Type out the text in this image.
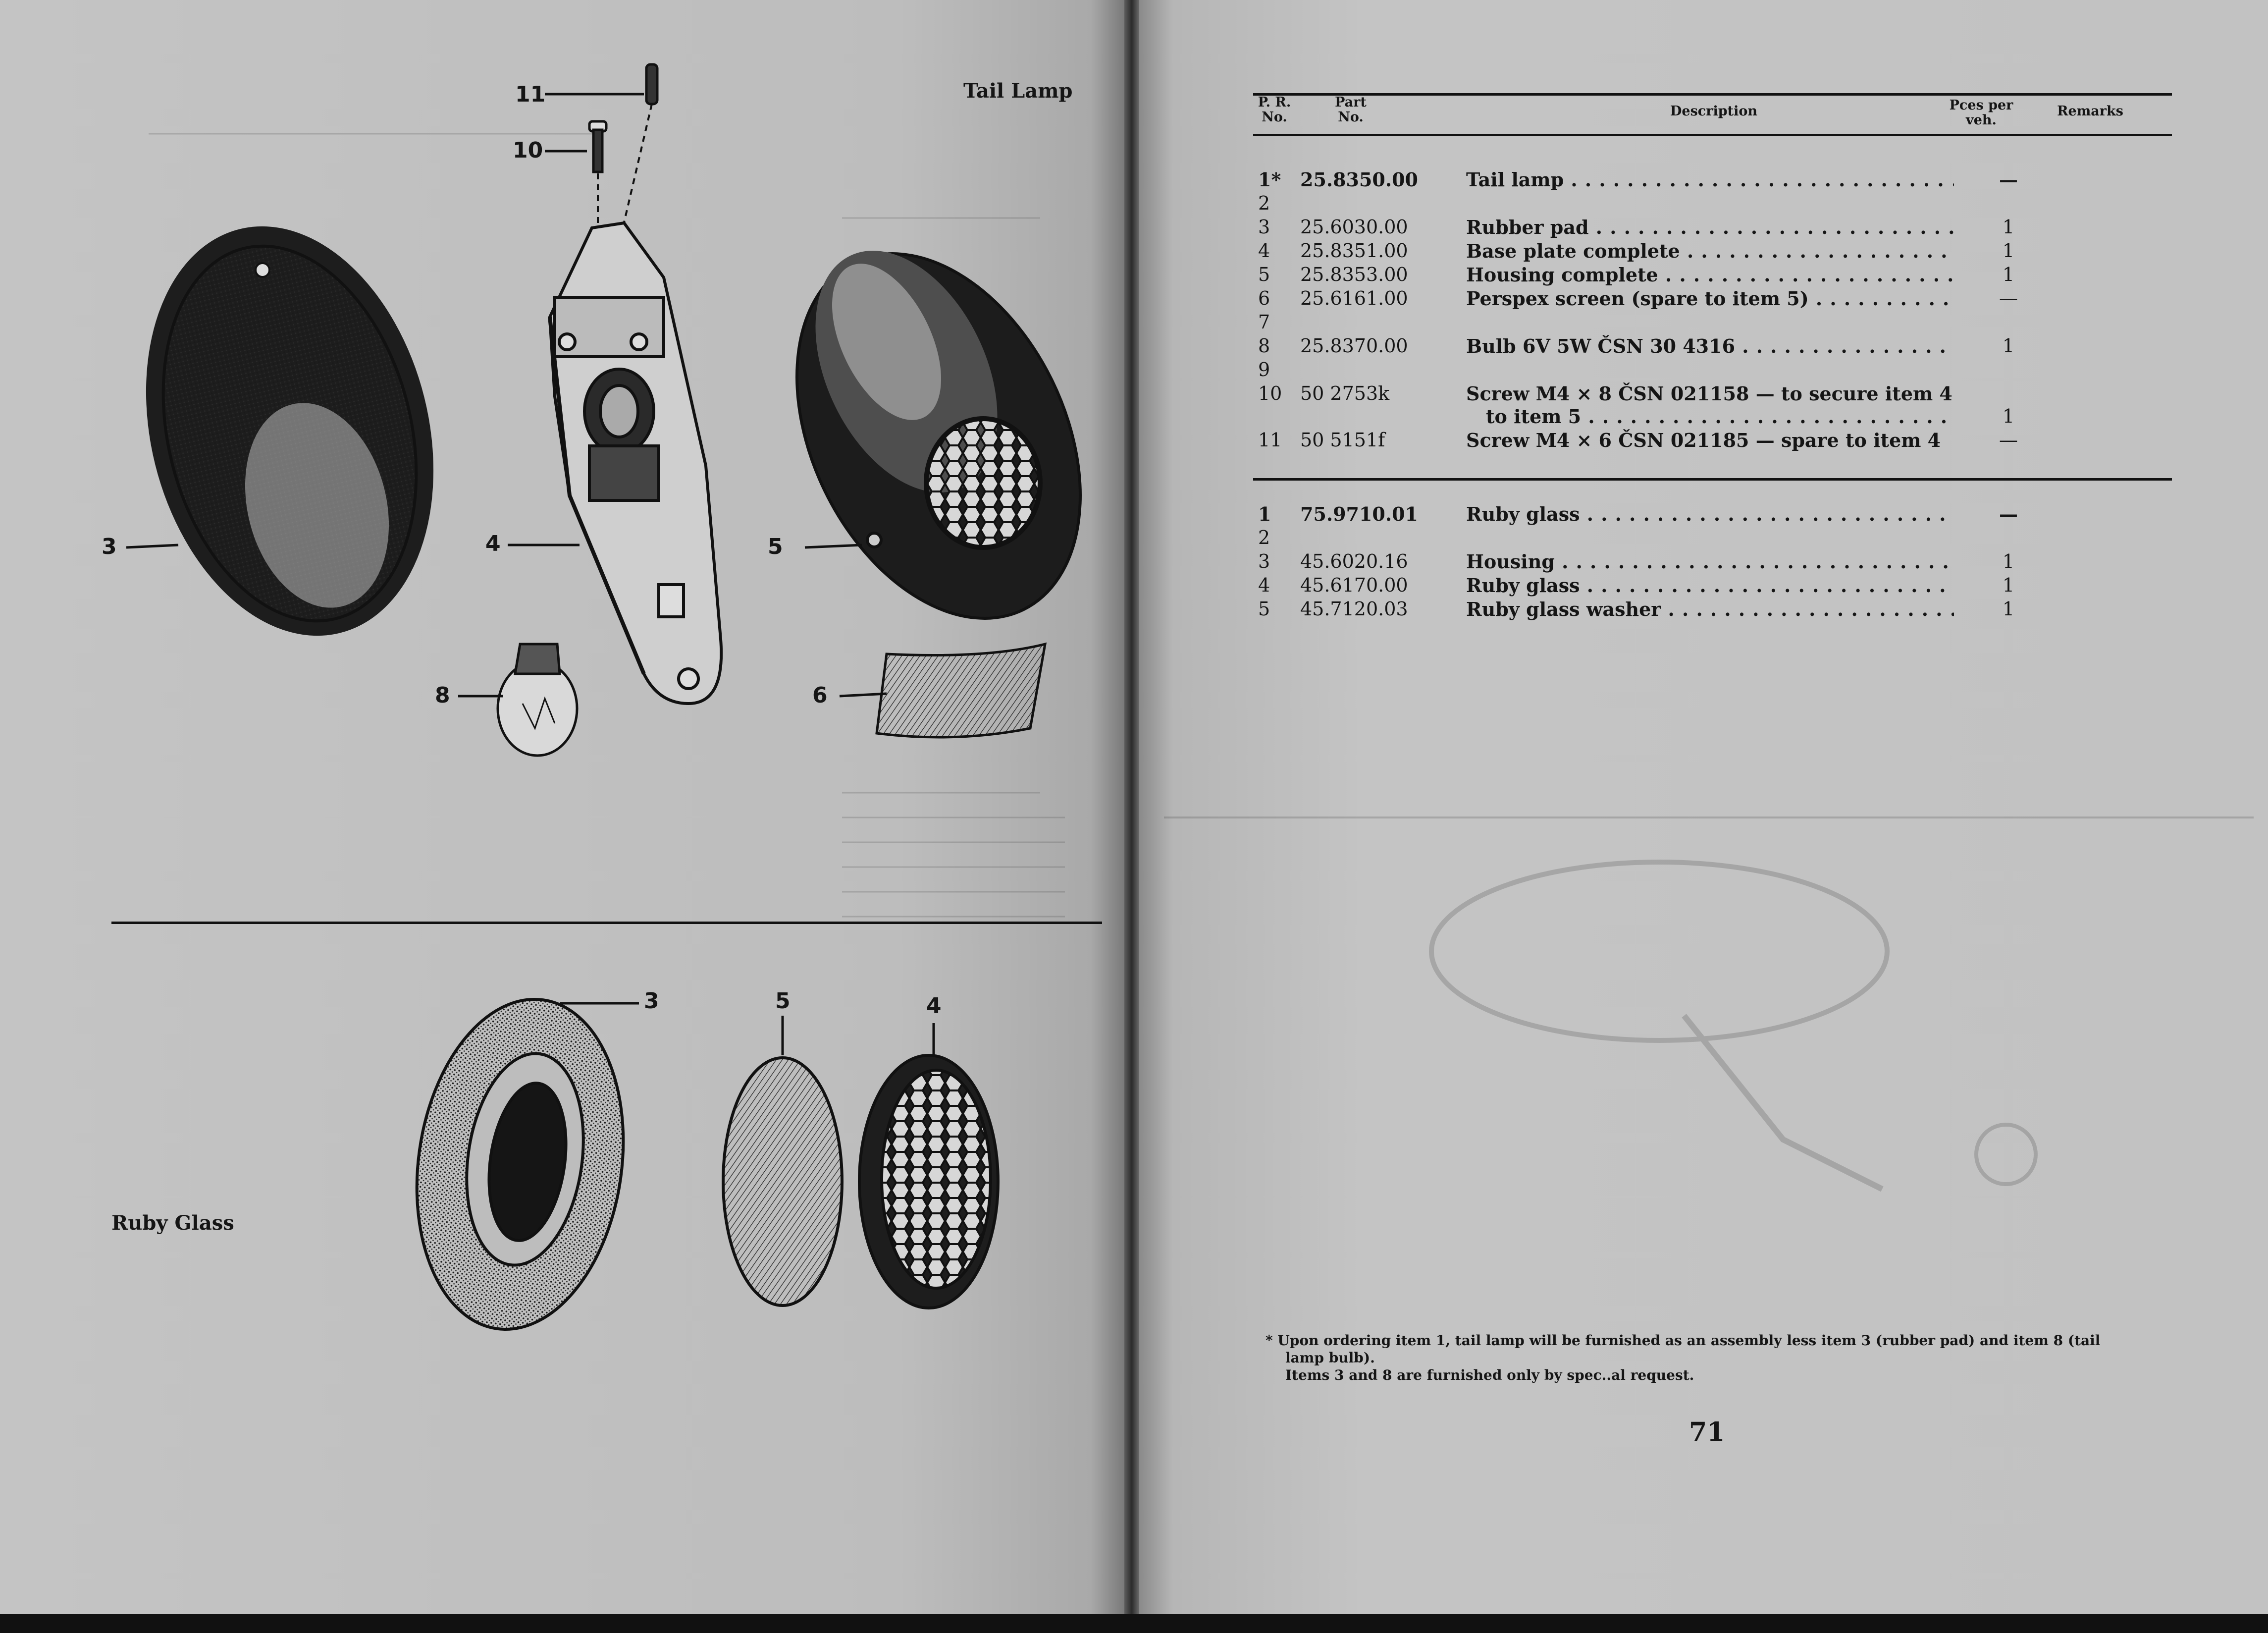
Tail Lamp
Ruby Glass
11
10
3	4	5
8	6
3	5	4
P. R. No.
Part No.	Description	Pces per veh.
Remarks
1* 25.8350.00	Tail lamp . . .	—
2
3	25.6030.00	Rubber pad . . .	1
4	25.8351.00	Base plate complete . . .	1
5	25.8353.00	Housing complete . . .	1
6	25.6161.00	Perspex screen (spare to item 5) . . .	—
7
8	25.8370.00	Bulb 6V 5W ČSN 30 4316 . . .	1
9
10 50 2753k	Screw M4 × 8 ČSN 021158 — to secure item 4
to item 5 . . .	1
11 50 5151f	Screw M4 × 6 ČSN 021185 — spare to item 4	—
1	75.9710.01	Ruby glass . . .	—
2
3	45.6020.16	Housing . . .	1
4	45.6170.00	Ruby glass . . .	1
5	45.7120.03	Ruby glass washer . . .	1
* Upon ordering item 1, tail lamp will be furnished as an assembly less item 3 (rubber pad) and item 8 (tail
lamp bulb).
Items 3 and 8 are furnished only by spec..al request.
71
